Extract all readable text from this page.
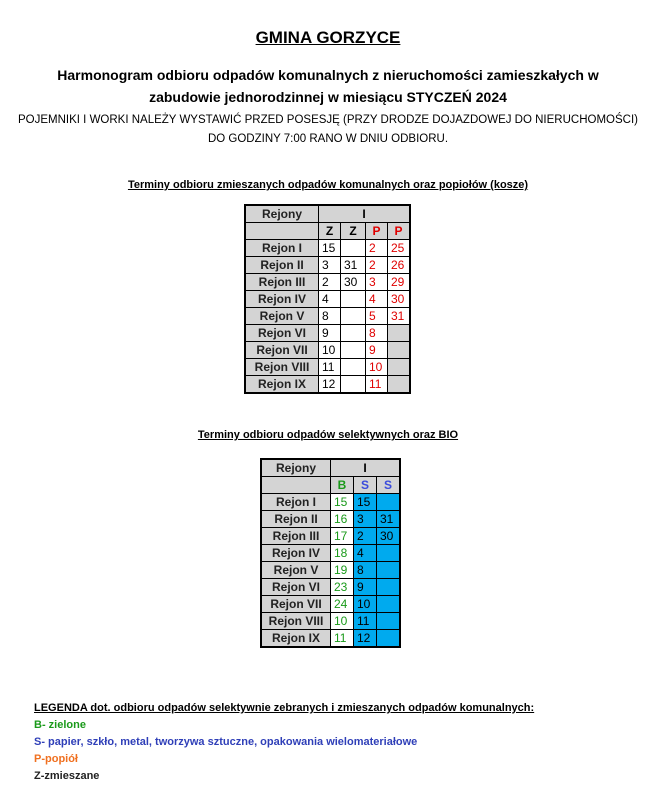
GMINA GORZYCE
Harmonogram odbioru odpadów komunalnych z nieruchomości zamieszkałych w zabudowie jednorodzinnej w miesiącu STYCZEŃ 2024
POJEMNIKI I WORKI NALEŻY WYSTAWIĆ PRZED POSESJĘ (PRZY DRODZE DOJAZDOWEJ DO NIERUCHOMOŚCI)
DO GODZINY 7:00 RANO W DNIU ODBIORU.
Terminy odbioru zmieszanych odpadów komunalnych oraz popiołów (kosze)
Rejony	I			
	Z	Z	P	P
Rejon I	15		2	25
Rejon II	3	31	2	26
Rejon III	2	30	3	29
Rejon IV	4		4	30
Rejon V	8		5	31
Rejon VI	9		8	
Rejon VII	10		9	
Rejon VIII	11		10	
Rejon IX	12		11	
Terminy odbioru odpadów selektywnych oraz BIO
Rejony	I		
	B	S	S
Rejon I	15	15	
Rejon II	16	3	31
Rejon III	17	2	30
Rejon IV	18	4	
Rejon V	19	8	
Rejon VI	23	9	
Rejon VII	24	10	
Rejon VIII	10	11	
Rejon IX	11	12	
LEGENDA dot. odbioru odpadów selektywnie zebranych i zmieszanych odpadów komunalnych:
B- zielone
S- papier, szkło, metal, tworzywa sztuczne, opakowania wielomateriałowe
P-popiół
Z-zmieszane
